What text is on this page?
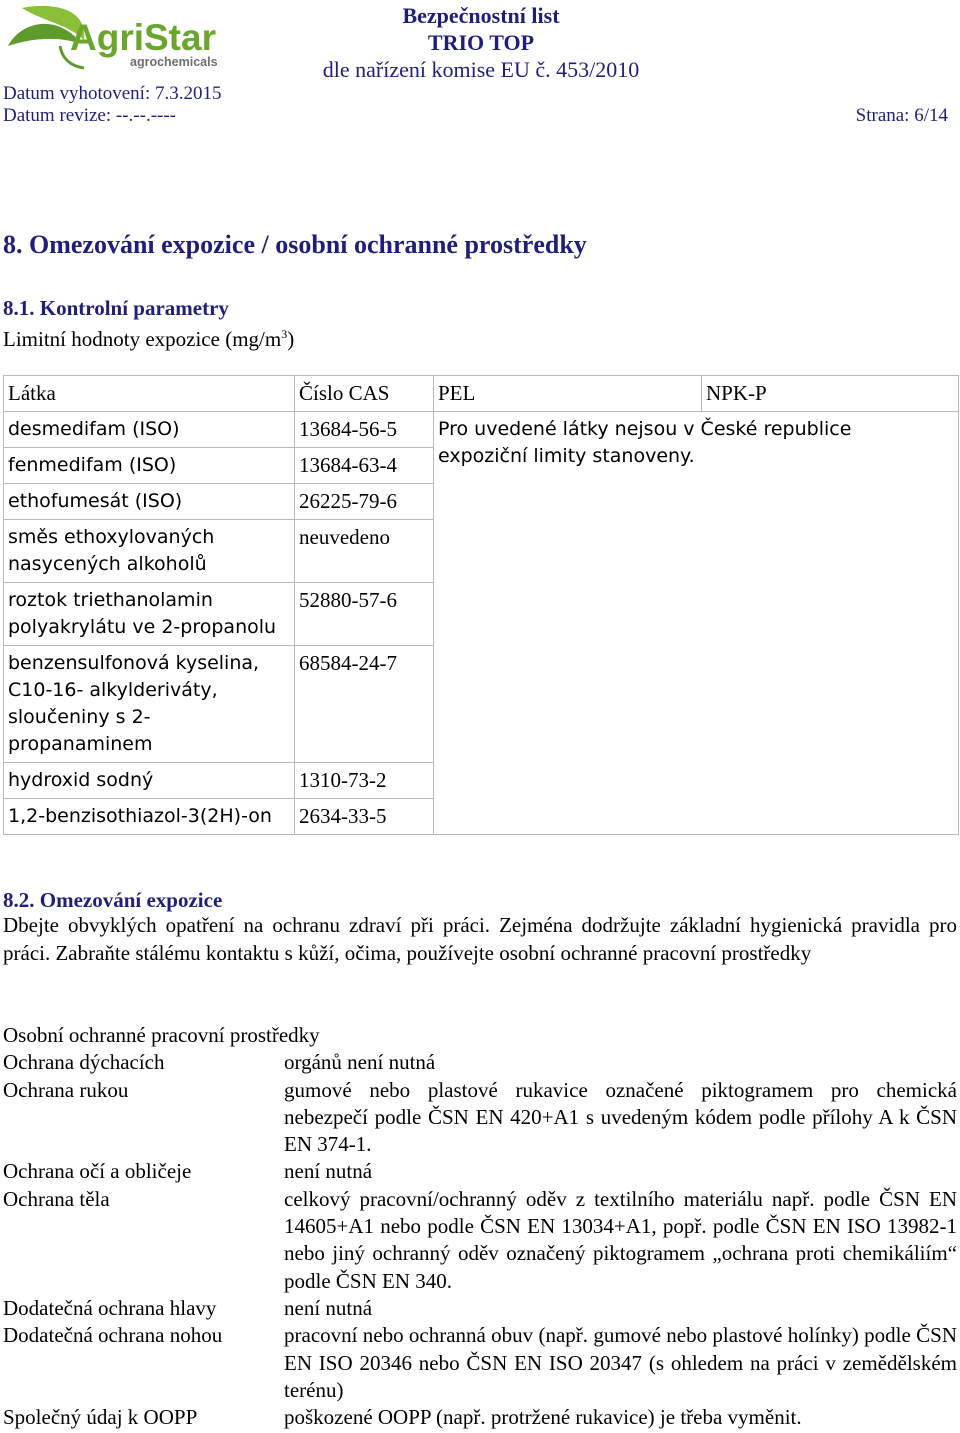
AgriStar
agrochemicals
Bezpečnostní list
TRIO TOP
dle nařízení komise EU č. 453/2010
Datum vyhotovení: 7.3.2015
Datum revize: --.--.----	Strana: 6/14
8. Omezování expozice / osobní ochranné prostředky
8.1. Kontrolní parametry
Limitní hodnoty expozice $(mg/m^3)$
Látka	Číslo CAS	PEL	NPK-P
desmedifam (ISO)	13684-56-5	Pro uvedené látky nejsou v České republice expoziční limity stanoveny.	

fenmedifam (ISO)	13684-63-4		
ethofumesát (ISO)	26225-79-6		
směs ethoxylovaných nasycených alkoholů	neuvedeno		
roztok triethanolamin polyakrylátu ve 2-propanolu	52880-57-6		
benzensulfonová kyselina, C10-16- alkylderiváty, sloučeniny s 2-propanaminem	68584-24-7		
hydroxid sodný	1310-73-2		
1,2-benzisothiazol-3(2H)-on	2634-33-5		
8.2. Omezování expozice
Dbejte obvyklých opatření na ochranu zdraví při práci. Zejména dodržujte základní hygienická pravidla pro práci. Zabraňte stálému kontaktu s kůží, očima, používejte osobní ochranné pracovní prostředky
Osobní ochranné pracovní prostředky
Ochrana dýchacích	orgánů není nutná
Ochrana rukou	gumové nebo plastové rukavice označené piktogramem pro chemická nebezpečí podle ČSN EN 420+A1 s uvedeným kódem podle přílohy A k ČSN EN 374-1.
Ochrana očí a obličeje	není nutná
Ochrana těla	celkový pracovní/ochranný oděv z textilního materiálu např. podle ČSN EN 14605+A1 nebo podle ČSN EN 13034+A1, popř. podle ČSN EN ISO 13982-1 nebo jiný ochranný oděv označený piktogramem „ochrana proti chemikáliím“ podle ČSN EN 340.
Dodatečná ochrana hlavy	není nutná
Dodatečná ochrana nohou	pracovní nebo ochranná obuv (např. gumové nebo plastové holínky) podle ČSN EN ISO 20346 nebo ČSN EN ISO 20347 (s ohledem na práci v zemědělském terénu)
Společný údaj k OOPP	poškozené OOPP (např. protržené rukavice) je třeba vyměnit.
